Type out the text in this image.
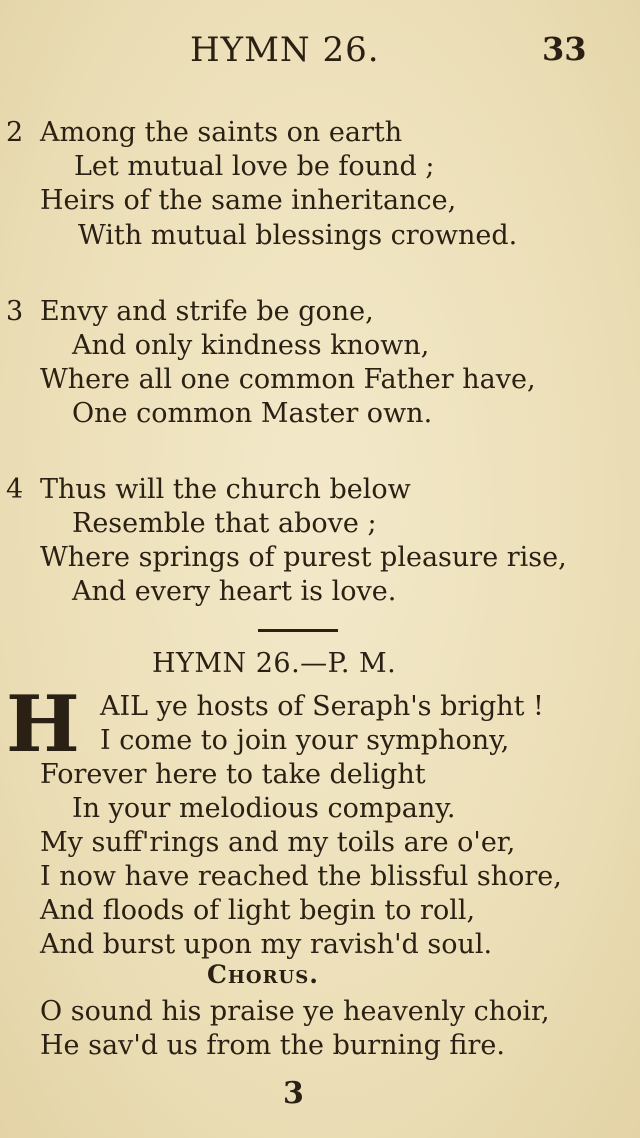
HYMN 26.	33
2 Among the saints on earth
Let mutual love be found ;
Heirs of the same inheritance,
With mutual blessings crowned.
3 Envy and strife be gone,
And only kindness known,
Where all one common Father have,
One common Master own.
4 Thus will the church below
Resemble that above ;
Where springs of purest pleasure rise,
And every heart is love.
HYMN 26.—P. M.
H AIL ye hosts of Seraph's bright !
I come to join your symphony,
Forever here to take delight
In your melodious company.
My suff'rings and my toils are o'er,
I now have reached the blissful shore,
And floods of light begin to roll,
And burst upon my ravish'd soul.
Chorus.
O sound his praise ye heavenly choir,
He sav'd us from the burning fire.
3
